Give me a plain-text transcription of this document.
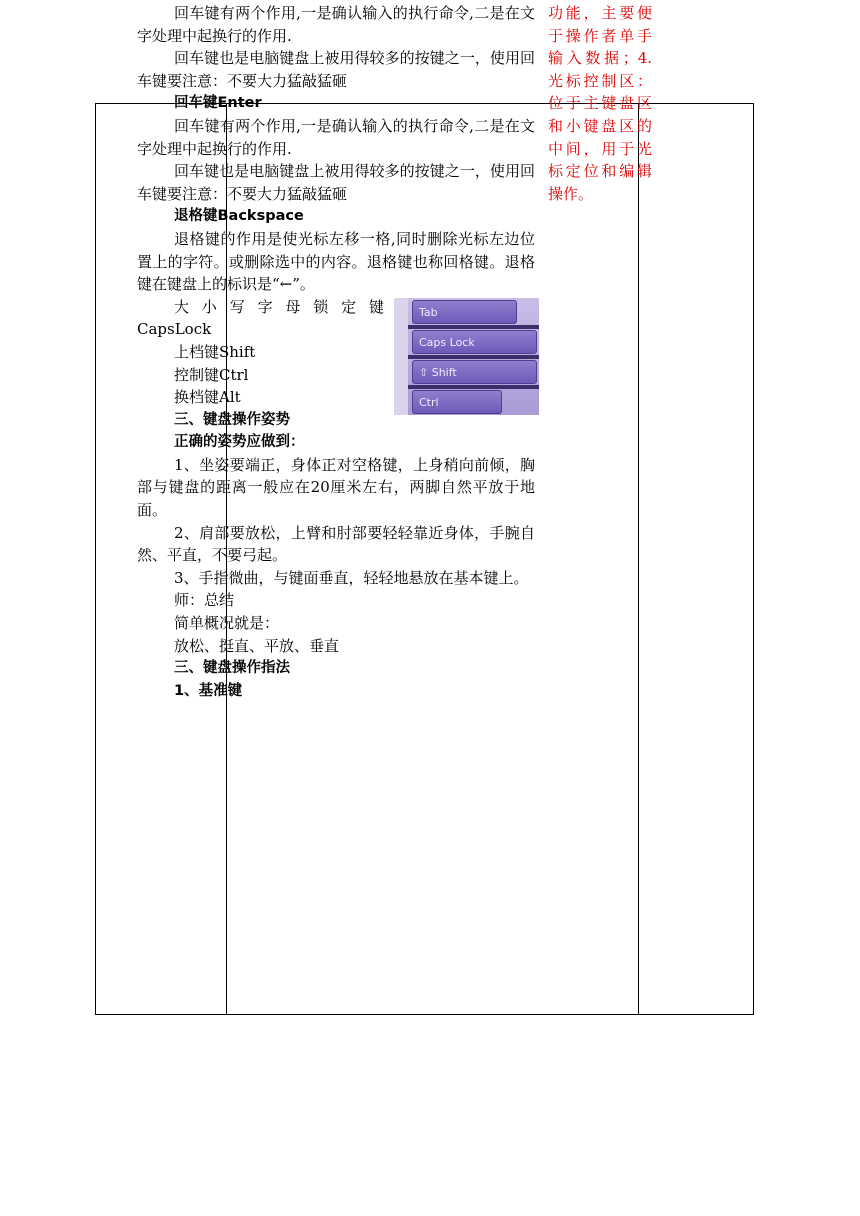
回车键有两个作用,一是确认输入的执行命令,二是在文字处理中起换行的作用.

回车键也是电脑键盘上被用得较多的按键之一，使用回车键要注意：不要大力猛敲猛砸

回车键Enter

回车键有两个作用,一是确认输入的执行命令,二是在文字处理中起换行的作用.

回车键也是电脑键盘上被用得较多的按键之一，使用回车键要注意：不要大力猛敲猛砸

退格键Backspace

退格键的作用是使光标左移一格,同时删除光标左边位置上的字符。或删除选中的内容。退格键也称回格键。退格键在键盘上的标识是“←”。

Tab
Caps Lock
⇧ Shift
Ctrl

大 小 写 字 母 锁 定 键 CapsLock

上档键Shift

控制键Ctrl

换档键Alt

三、键盘操作姿势

正确的姿势应做到：

1、坐姿要端正，身体正对空格键，上身稍向前倾，胸部与键盘的距离一般应在20厘米左右，两脚自然平放于地面。

2、肩部要放松，上臂和肘部要轻轻靠近身体，手腕自然、平直，不要弓起。

3、手指微曲，与键面垂直，轻轻地悬放在基本键上。

师：总结

简单概况就是：

放松、挺直、平放、垂直

三、键盘操作指法

1、基准键

功能，主要便于操作者单手输入数据；4.光标控制区：位于主键盘区和小键盘区的中间，用于光标定位和编辑操作。
